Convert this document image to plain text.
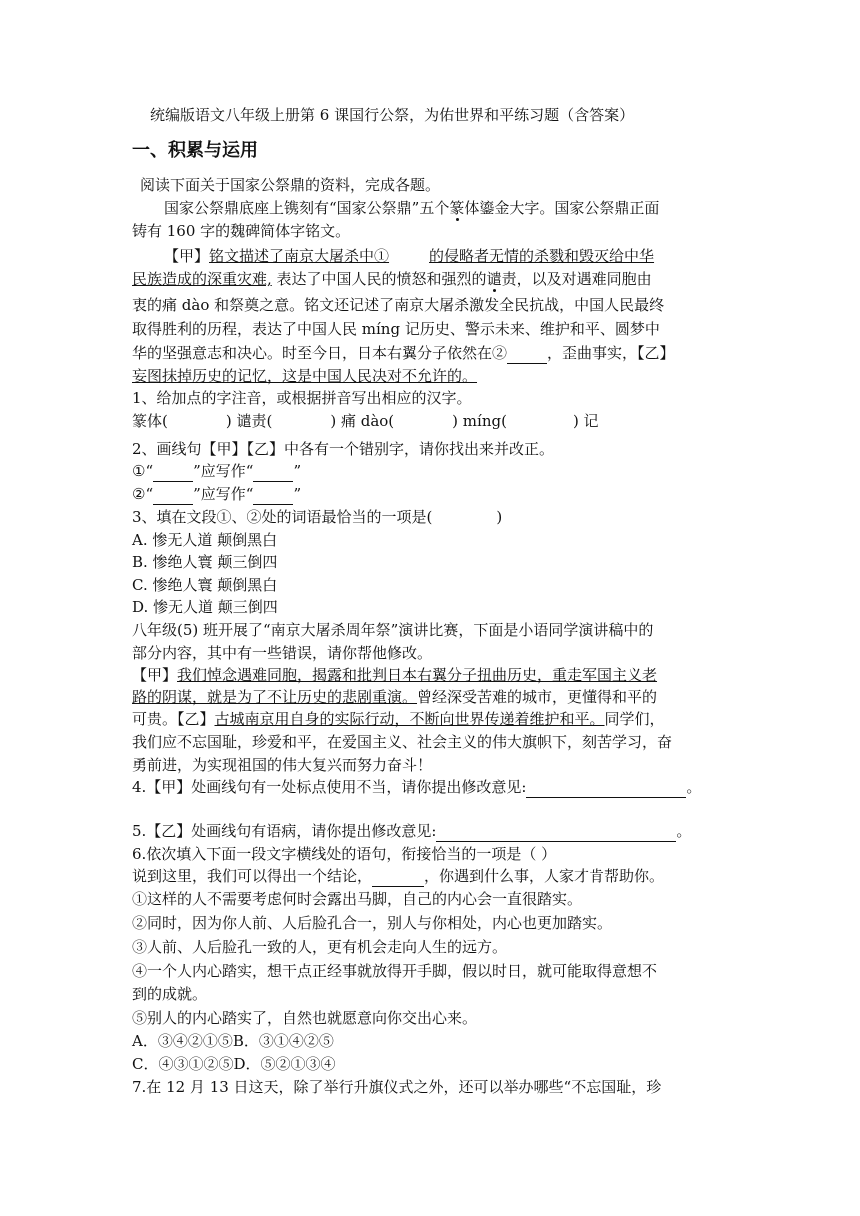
统编版语文八年级上册第 6 课国行公祭，为佑世界和平练习题（含答案）
一、积累与运用
阅读下面关于国家公祭鼎的资料，完成各题。
国家公祭鼎底座上镌刻有“国家公祭鼎”五个篆体鎏金大字。国家公祭鼎正面
铸有 160 字的魏碑简体字铭文。
【甲】铭文描述了南京大屠杀中①	的侵略者无情的杀戮和毁灭给中华
民族造成的深重灾难, 表达了中国人民的愤怒和强烈的谴责，以及对遇难同胞由
衷的痛 dào 和祭奠之意。铭文还记述了南京大屠杀激发全民抗战，中国人民最终
取得胜利的历程，表达了中国人民 míng 记历史、警示未来、维护和平、圆梦中
华的坚强意志和决心。时至今日，日本右翼分子依然在②	，歪曲事实，【乙】
妄图抹掉历史的记忆，这是中国人民决对不允许的。
1、给加点的字注音，或根据拼音写出相应的汉字。
篆体(	) 谴责(	) 痛 dào(	) míng(	) 记
2、画线句【甲】【乙】中各有一个错别字，请你找出来并改正。
①“	”应写作“	”
②“	”应写作“	”
3、填在文段①、②处的词语最恰当的一项是(	)
A. 惨无人道 颠倒黑白
B. 惨绝人寰 颠三倒四
C. 惨绝人寰 颠倒黑白
D. 惨无人道 颠三倒四
八年级(5) 班开展了“南京大屠杀周年祭”演讲比赛，下面是小语同学演讲稿中的
部分内容，其中有一些错误，请你帮他修改。
【甲】我们悼念遇难同胞，揭露和批判日本右翼分子扭曲历史，重走军国主义老
路的阴谋，就是为了不让历史的悲剧重演。曾经深受苦难的城市，更懂得和平的
可贵。【乙】古城南京用自身的实际行动，不断向世界传递着维护和平。同学们，
我们应不忘国耻，珍爱和平，在爱国主义、社会主义的伟大旗帜下，刻苦学习，奋
勇前进，为实现祖国的伟大复兴而努力奋斗！
4.【甲】处画线句有一处标点使用不当，请你提出修改意见:	。
5.【乙】处画线句有语病，请你提出修改意见:	。
6.依次填入下面一段文字横线处的语句，衔接恰当的一项是（ ）
说到这里，我们可以得出一个结论，	，你遇到什么事，人家才肯帮助你。
①这样的人不需要考虑何时会露出马脚，自己的内心会一直很踏实。
②同时，因为你人前、人后脸孔合一，别人与你相处，内心也更加踏实。
③人前、人后脸孔一致的人，更有机会走向人生的远方。
④一个人内心踏实，想干点正经事就放得开手脚，假以时日，就可能取得意想不
到的成就。
⑤别人的内心踏实了，自然也就愿意向你交出心来。
A．③④②①⑤B．③①④②⑤
C．④③①②⑤D．⑤②①③④
7.在 12 月 13 日这天，除了举行升旗仪式之外，还可以举办哪些“不忘国耻，珍
